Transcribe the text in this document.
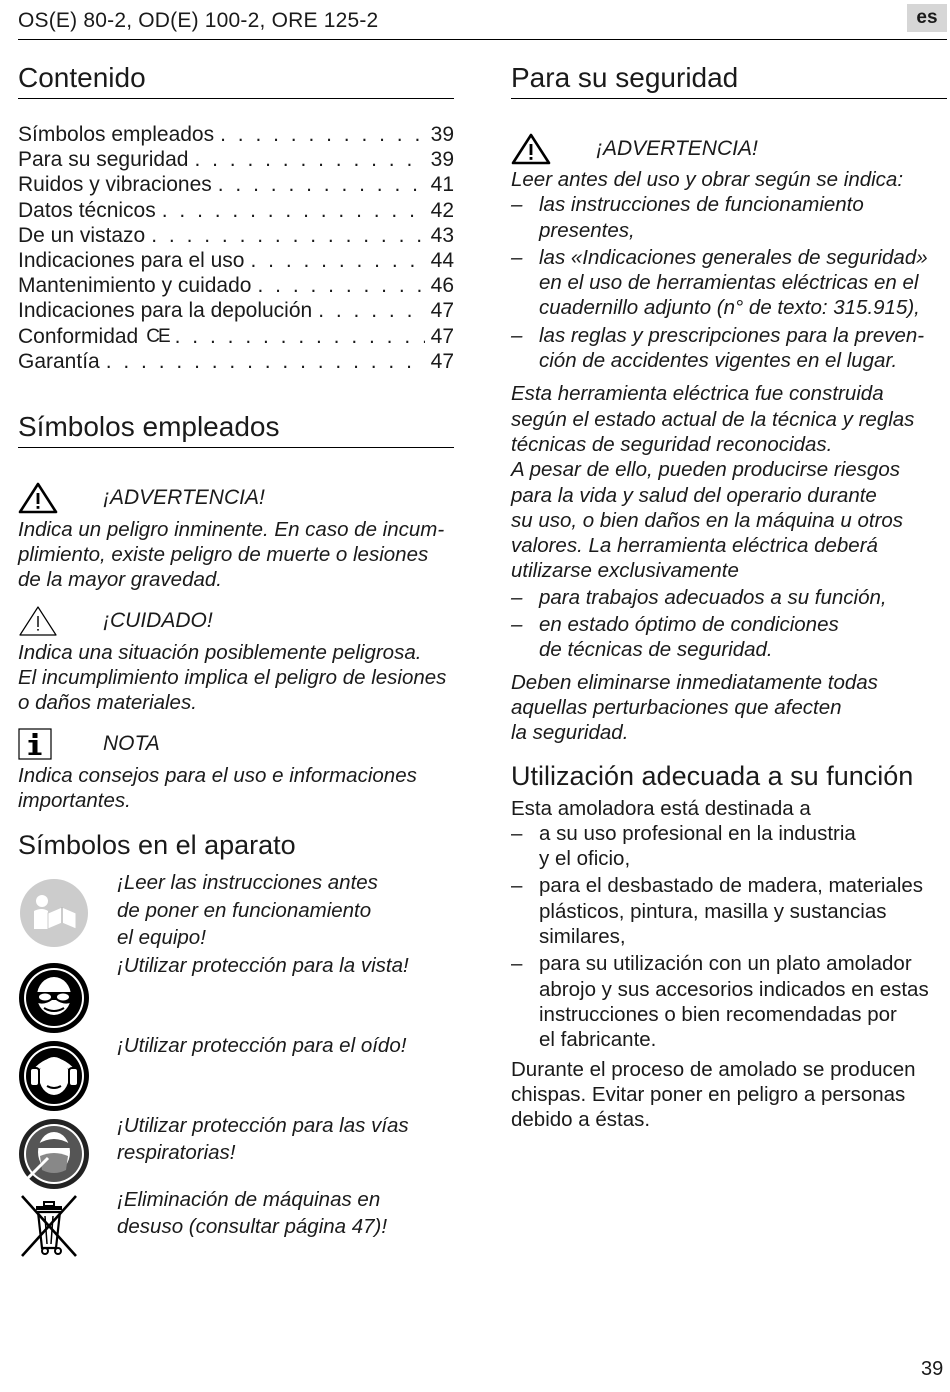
OS(E) 80-2, OD(E) 100-2, ORE 125-2	es
Contenido
Símbolos empleados . . .	39
Para su seguridad . . .	39
Ruidos y vibraciones . . .	41
Datos técnicos . . .	42
De un vistazo . . .	43
Indicaciones para el uso . . .	44
Mantenimiento y cuidado . . .	46
Indicaciones para la depolución . . .	47
Conformidad CE . . .	47
Garantía . . .	47
Símbolos empleados
¡ADVERTENCIA!

Indica un peligro inminente. En caso de incum-

plimiento, existe peligro de muerte o lesiones

de la mayor gravedad.

¡CUIDADO!

Indica una situación posiblemente peligrosa.

El incumplimiento implica el peligro de lesiones

o daños materiales.

NOTA

Indica consejos para el uso e informaciones

importantes.

Símbolos en el aparato

¡Leer las instrucciones antes

de poner en funcionamiento

el equipo!

¡Utilizar protección para la vista!

¡Utilizar protección para el oído!

¡Utilizar protección para las vías

respiratorias!

¡Eliminación de máquinas en

desuso (consultar página 47)!

Para su seguridad
¡ADVERTENCIA!

Leer antes del uso y obrar según se indica:

– las instrucciones de funcionamiento

presentes,

– las «Indicaciones generales de seguridad»

en el uso de herramientas eléctricas en el

cuadernillo adjunto (n° de texto: 315.915),

– las reglas y prescripciones para la preven-

ción de accidentes vigentes en el lugar.

Esta herramienta eléctrica fue construida

según el estado actual de la técnica y reglas

técnicas de seguridad reconocidas.

A pesar de ello, pueden producirse riesgos

para la vida y salud del operario durante

su uso, o bien daños en la máquina u otros

valores. La herramienta eléctrica deberá

utilizarse exclusivamente

– para trabajos adecuados a su función,

– en estado óptimo de condiciones

de técnicas de seguridad.

Deben eliminarse inmediatamente todas

aquellas perturbaciones que afecten

la seguridad.

Utilización adecuada a su función

Esta amoladora está destinada a

– a su uso profesional en la industria

y el oficio,

– para el desbastado de madera, materiales

plásticos, pintura, masilla y sustancias

similares,

– para su utilización con un plato amolador

abrojo y sus accesorios indicados en estas

instrucciones o bien recomendadas por

el fabricante.

Durante el proceso de amolado se producen

chispas. Evitar poner en peligro a personas

debido a éstas.

39
